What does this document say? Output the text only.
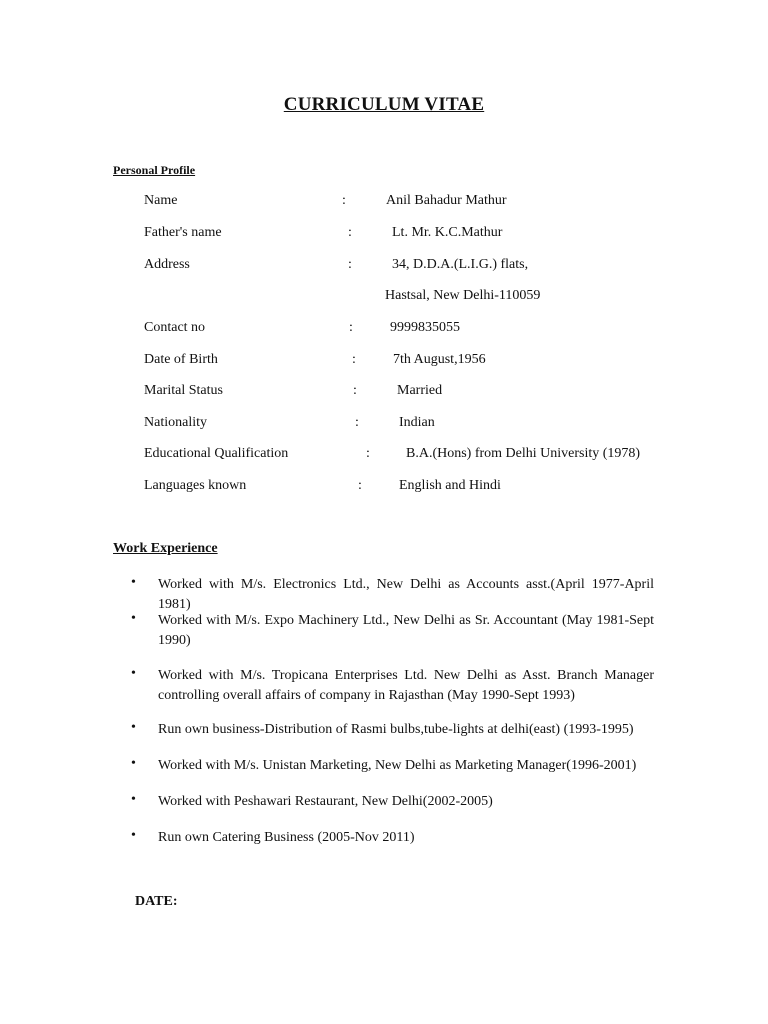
CURRICULUM VITAE
Personal Profile
Name	:	Anil Bahadur Mathur
Father's name	:	Lt. Mr. K.C.Mathur
Address	:	34, D.D.A.(L.I.G.) flats,
Hastsal, New Delhi-110059
Contact no	:	9999835055
Date of Birth	:	7th August,1956
Marital Status	:	Married
Nationality	:	Indian
Educational Qualification	:	B.A.(Hons) from Delhi University (1978)
Languages known	:	English and Hindi
Work Experience
• Worked with M/s. Electronics Ltd., New Delhi as Accounts asst.(April 1977-April 1981)
• Worked with M/s. Expo Machinery Ltd., New Delhi as Sr. Accountant (May 1981-Sept 1990)
• Worked with M/s. Tropicana Enterprises Ltd. New Delhi as Asst. Branch Manager controlling overall affairs of company in Rajasthan (May 1990-Sept 1993)
• Run own business-Distribution of Rasmi bulbs,tube-lights at delhi(east) (1993-1995)
• Worked with M/s. Unistan Marketing, New Delhi as Marketing Manager(1996-2001)
• Worked with Peshawari Restaurant, New Delhi(2002-2005)
• Run own Catering Business (2005-Nov 2011)
DATE:
